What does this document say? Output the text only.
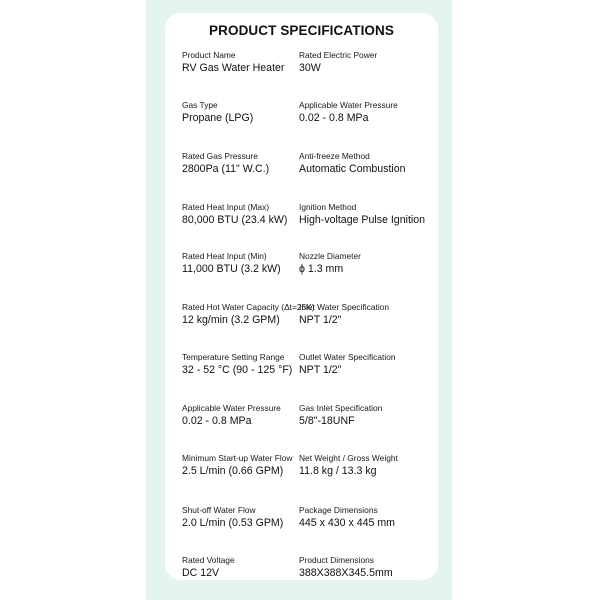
PRODUCT SPECIFICATIONS
Product Name
RV Gas Water Heater
Gas Type
Propane (LPG)
Rated Gas Pressure
2800Pa (11" W.C.)
Rated Heat Input (Max)
80,000 BTU (23.4 kW)
Rated Heat Input (Min)
11,000 BTU (3.2 kW)
Rated Hot Water Capacity (Δt=25K)
12 kg/min (3.2 GPM)
Temperature Setting Range
32 - 52 °C (90 - 125 °F)
Applicable Water Pressure
0.02 - 0.8 MPa
Minimum Start-up Water Flow
2.5 L/min (0.66 GPM)
Shut-off Water Flow
2.0 L/min (0.53 GPM)
Rated Voltage
DC 12V
Rated Electric Power
30W
Applicable Water Pressure
0.02 - 0.8 MPa
Anti-freeze Method
Automatic Combustion
Ignition Method
High-voltage Pulse Ignition
Nozzle Diameter
ϕ 1.3 mm
Inlet Water Specification
NPT 1/2"
Outlet Water Specification
NPT 1/2"
Gas Inlet Specification
5/8"-18UNF
Net Weight / Gross Weight
11.8 kg / 13.3 kg
Package Dimensions
445 x 430 x 445 mm
Product Dimensions
388X388X345.5mm
